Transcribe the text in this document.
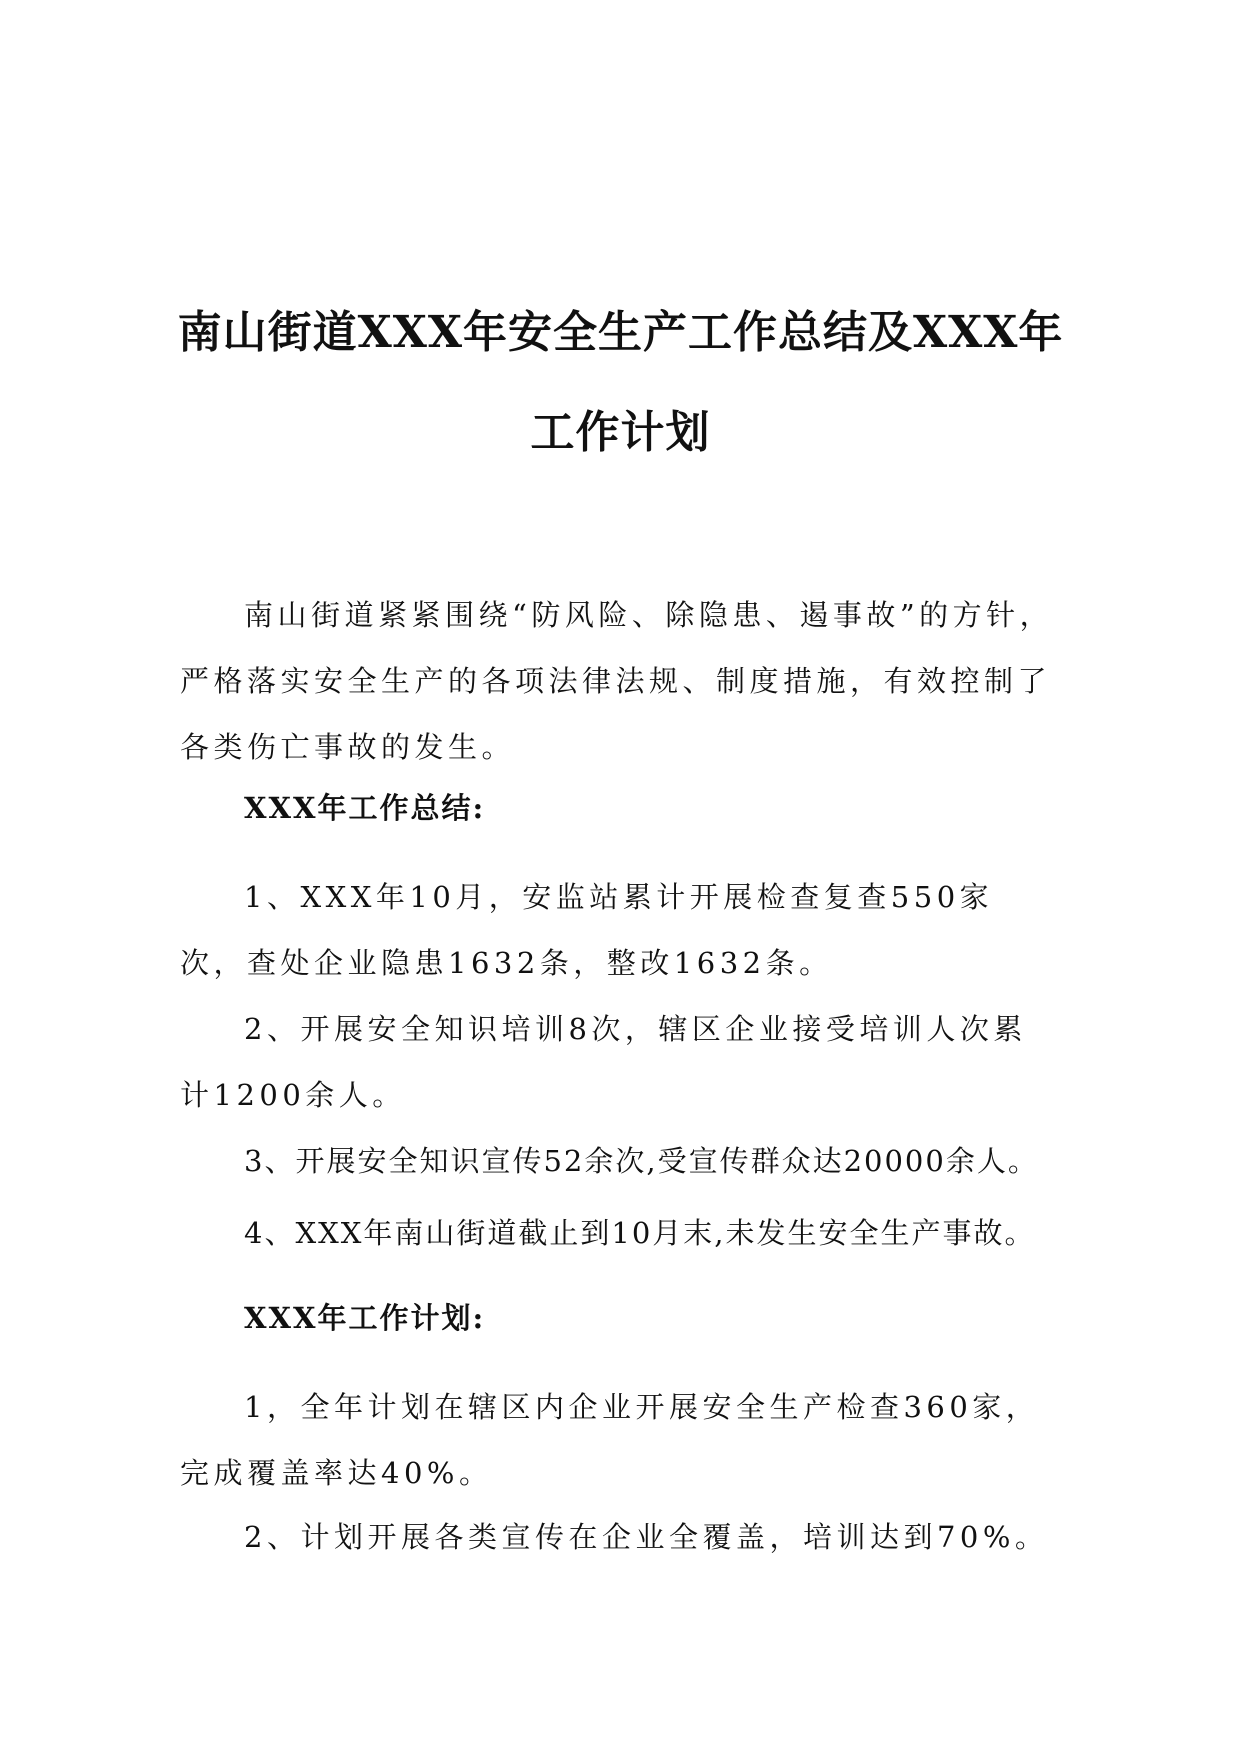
南山街道XXX年安全生产工作总结及XXX年
工作计划
南山街道紧紧围绕“防风险、除隐患、遏事故”的方针，严格落实安全生产的各项法律法规、制度措施，有效控制了各类伤亡事故的发生。
XXX年工作总结:
1、XXX年10月，安监站累计开展检查复查550家次，查处企业隐患1632条，整改1632条。
2、开展安全知识培训8次，辖区企业接受培训人次累计1200余人。
3、开展安全知识宣传52余次,受宣传群众达20000余人。
4、XXX年南山街道截止到10月末,未发生安全生产事故。
XXX年工作计划:
1，全年计划在辖区内企业开展安全生产检查360家，完成覆盖率达40%。
2、计划开展各类宣传在企业全覆盖，培训达到70%。
